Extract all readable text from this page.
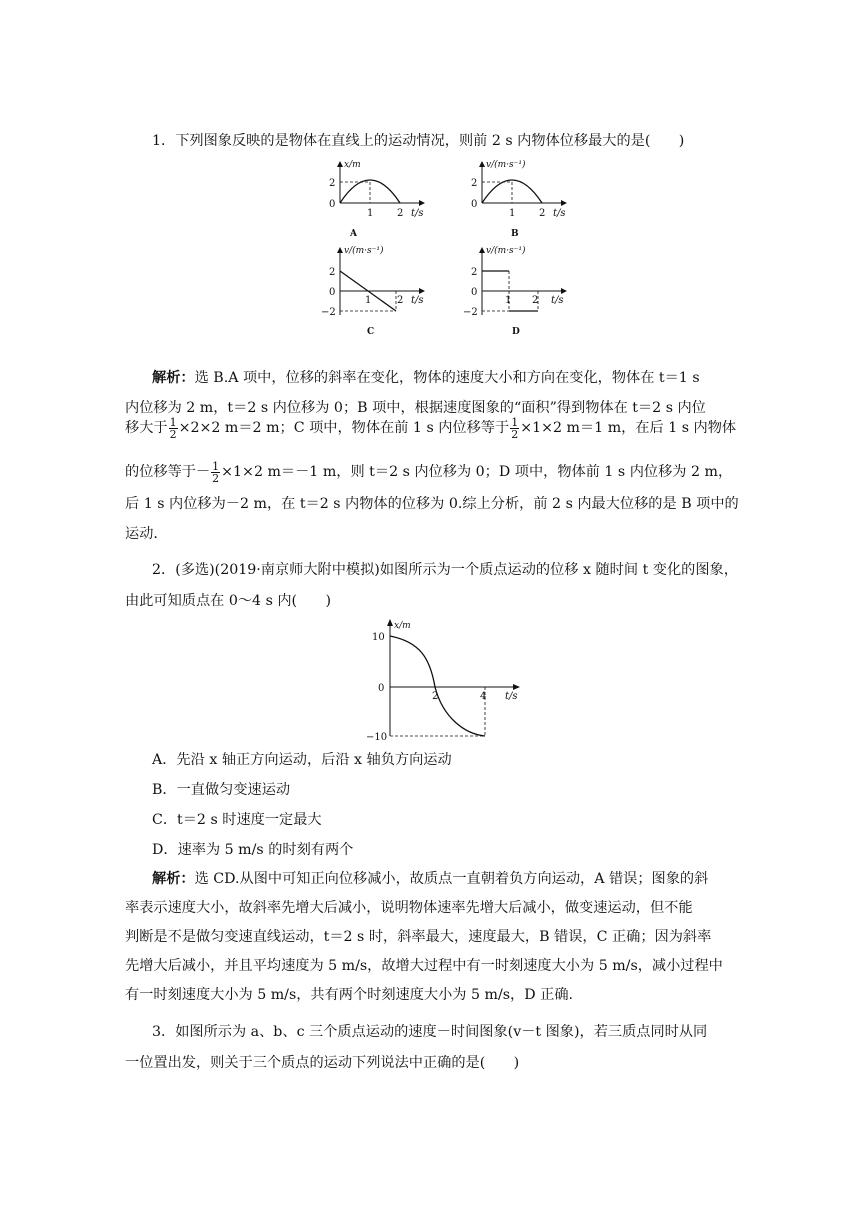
1．下列图象反映的是物体在直线上的运动情况，则前 2 s 内物体位移最大的是(　　)
x/m
2
0
1 2 t/s
A
v/(m·s⁻¹)
2
0
1 2 t/s
B
v/(m·s⁻¹)
2
0
−2
1	2 t/s
C
v/(m·s⁻¹)
2
0
−2
1 2 t/s
D
解析：选 B.A 项中，位移的斜率在变化，物体的速度大小和方向在变化，物体在 t＝1 s
内位移为 2 m，t＝2 s 内位移为 0；B 项中，根据速度图象的“面积”得到物体在 t＝2 s 内位
移大于 $\frac{1}{2} \times 2\times 2$ m＝2 m；C 项中，物体在前 1 s 内位移等于 $\frac{1}{2} \times 1\times 2$ m＝1 m，在后 1 s 内物体
的位移等于－ $\frac{1}{2} \times 1\times 2$ m＝－1 m，则 t＝2 s 内位移为 0；D 项中，物体前 1 s 内位移为 2 m，
后 1 s 内位移为－2 m，在 t＝2 s 内物体的位移为 0.综上分析，前 2 s 内最大位移的是 B 项中的
运动．
2．(多选)(2019·南京师大附中模拟)如图所示为一个质点运动的位移 x 随时间 t 变化的图象，
由此可知质点在 0～4 s 内(　　)
x/m
10
0
−10
2	4 t/s
A．先沿 x 轴正方向运动，后沿 x 轴负方向运动
B．一直做匀变速运动
C．t＝2 s 时速度一定最大
D．速率为 5 m/s 的时刻有两个
解析：选 CD.从图中可知正向位移减小，故质点一直朝着负方向运动，A 错误；图象的斜
率表示速度大小，故斜率先增大后减小，说明物体速率先增大后减小，做变速运动，但不能
判断是不是做匀变速直线运动，t＝2 s 时，斜率最大，速度最大，B 错误，C 正确；因为斜率
先增大后减小，并且平均速度为 5 m/s，故增大过程中有一时刻速度大小为 5 m/s，减小过程中
有一时刻速度大小为 5 m/s，共有两个时刻速度大小为 5 m/s，D 正确.
3．如图所示为 a、b、c 三个质点运动的速度－时间图象(v－t 图象)，若三质点同时从同
一位置出发，则关于三个质点的运动下列说法中正确的是(　　)
